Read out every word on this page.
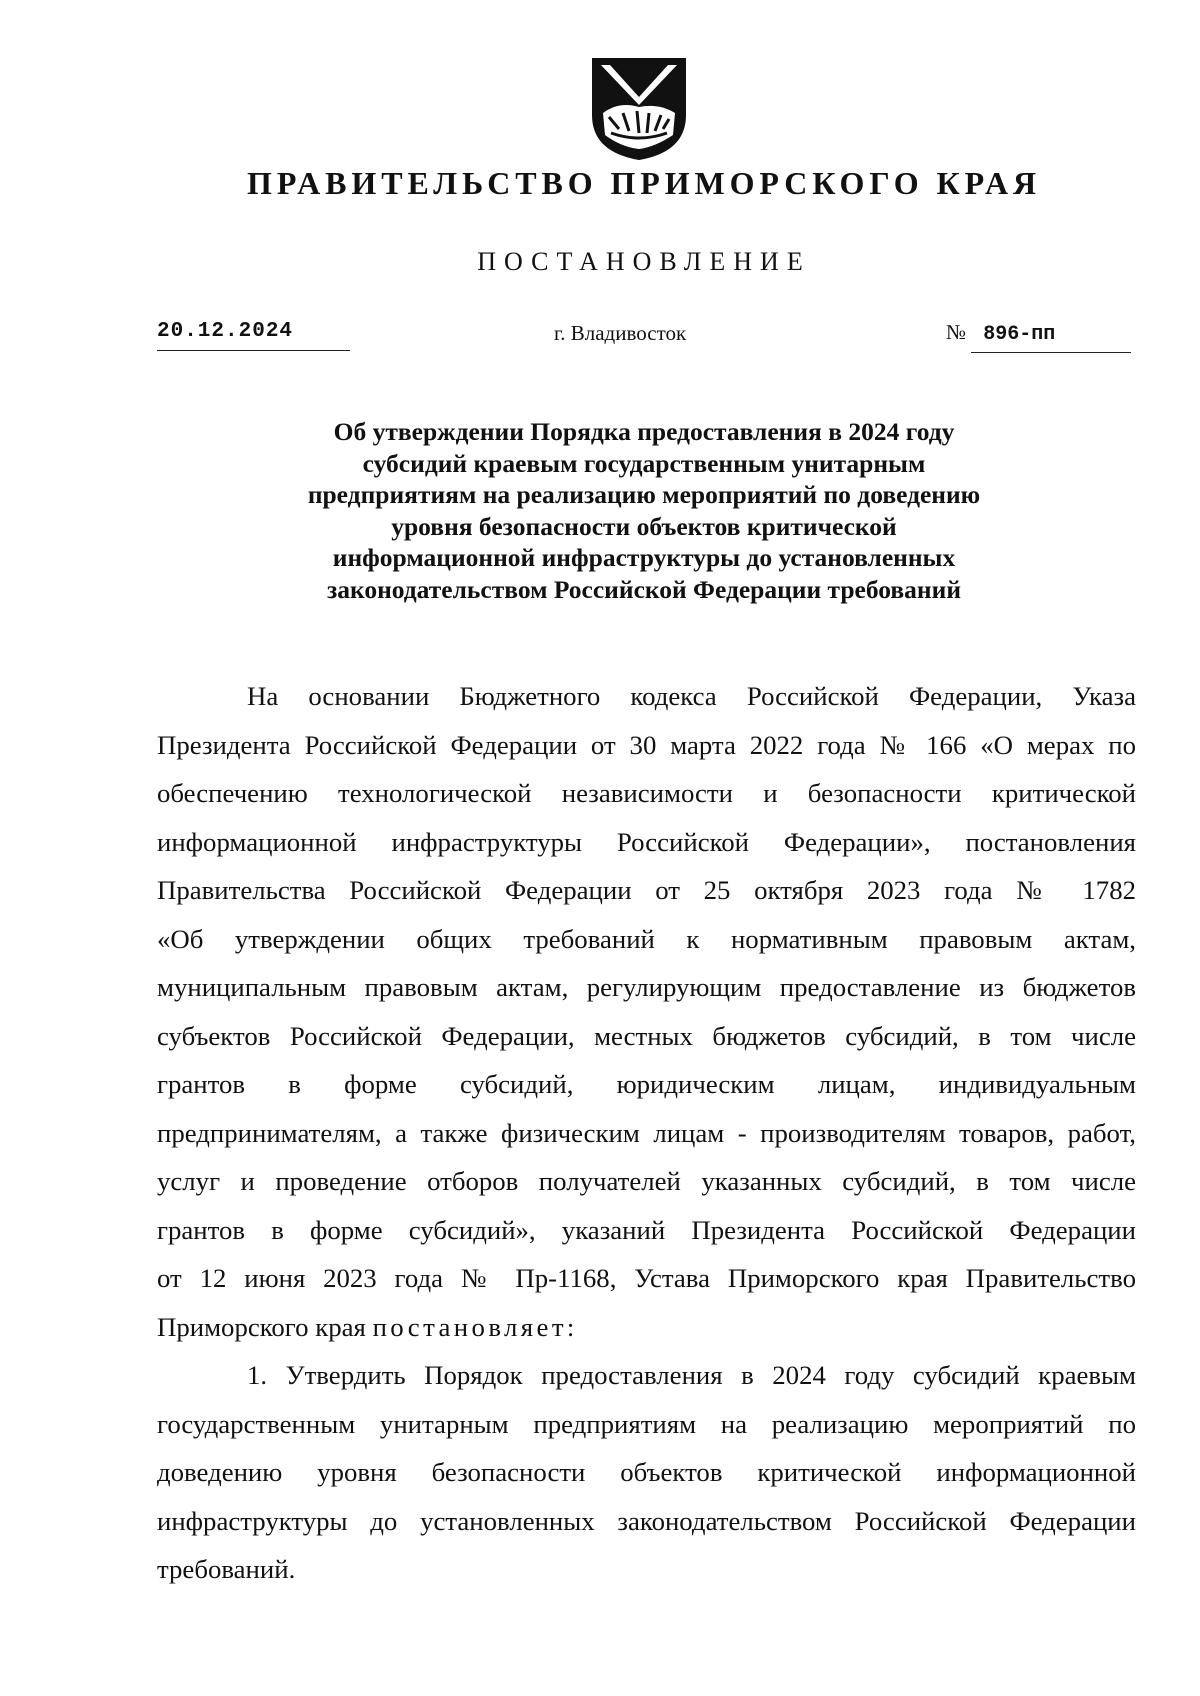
ПРАВИТЕЛЬСТВО ПРИМОРСКОГО КРАЯ
ПОСТАНОВЛЕНИЕ
20.12.2024	г. Владивосток	№ 896-пп
Об утверждении Порядка предоставления в 2024 году
субсидий краевым государственным унитарным
предприятиям на реализацию мероприятий по доведению
уровня безопасности объектов критической
информационной инфраструктуры до установленных
законодательством Российской Федерации требований
На основании Бюджетного кодекса Российской Федерации, Указа
Президента Российской Федерации от 30 марта 2022 года № 166 «О мерах по
обеспечению технологической независимости и безопасности критической
информационной инфраструктуры Российской Федерации», постановления
Правительства Российской Федерации от 25 октября 2023 года № 1782
«Об утверждении общих требований к нормативным правовым актам,
муниципальным правовым актам, регулирующим предоставление из бюджетов
субъектов Российской Федерации, местных бюджетов субсидий, в том числе
грантов в форме субсидий, юридическим лицам, индивидуальным
предпринимателям, а также физическим лицам - производителям товаров, работ,
услуг и проведение отборов получателей указанных субсидий, в том числе
грантов в форме субсидий», указаний Президента Российской Федерации
от 12 июня 2023 года № Пр-1168, Устава Приморского края Правительство
Приморского края постановляет:
1. Утвердить Порядок предоставления в 2024 году субсидий краевым
государственным унитарным предприятиям на реализацию мероприятий по
доведению уровня безопасности объектов критической информационной
инфраструктуры до установленных законодательством Российской Федерации
требований.
